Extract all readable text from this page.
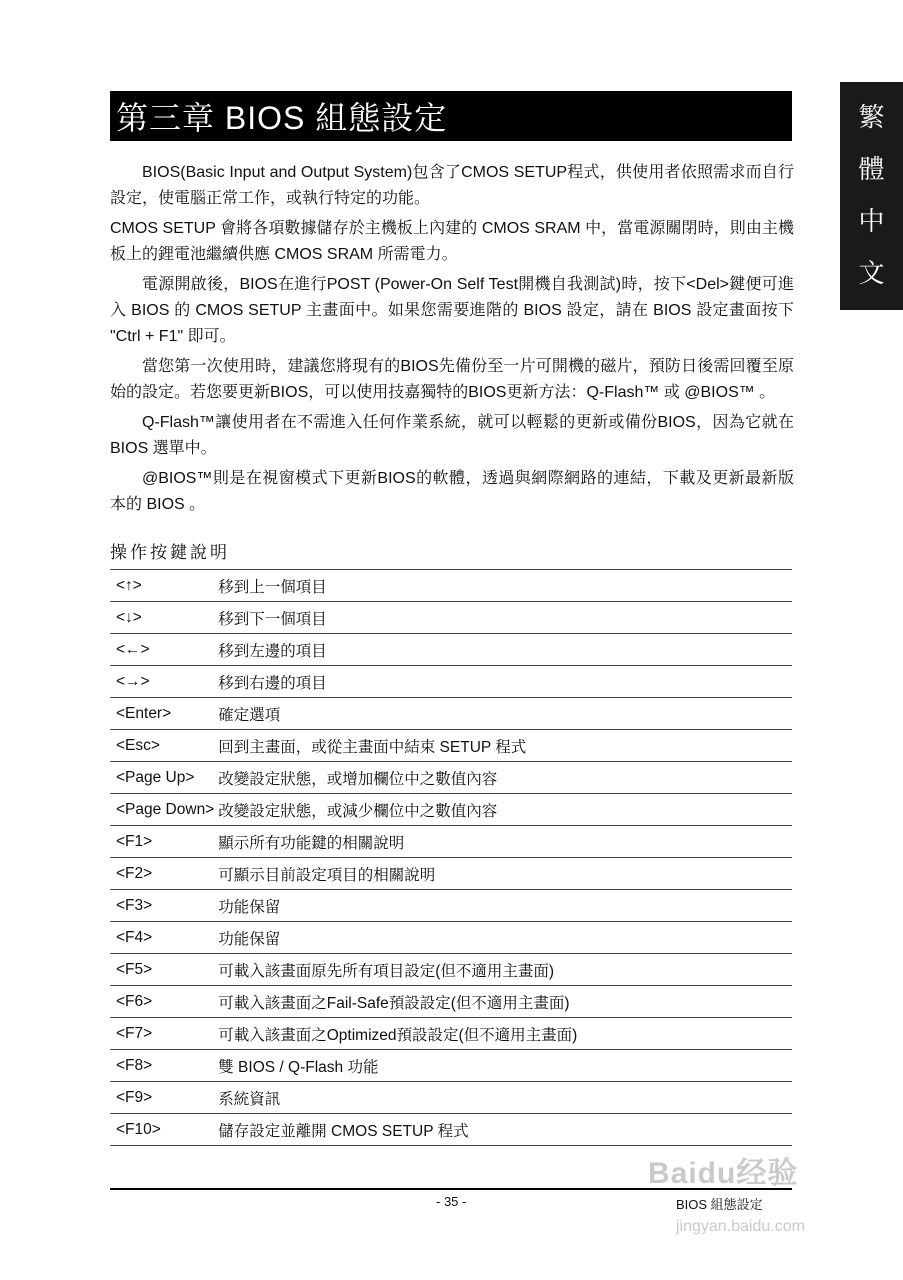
繁
體
中
文
第三章 BIOS 組態設定

BIOS(Basic Input and Output System)包含了CMOS SETUP程式，供使用者依照需求而自行設定，使電腦正常工作，或執行特定的功能。

CMOS SETUP 會將各項數據儲存於主機板上內建的 CMOS SRAM 中，當電源關閉時，則由主機板上的鋰電池繼續供應 CMOS SRAM 所需電力。

電源開啟後，BIOS在進行POST (Power-On Self Test開機自我測試)時，按下<Del>鍵便可進入 BIOS 的 CMOS SETUP 主畫面中。如果您需要進階的 BIOS 設定，請在 BIOS 設定畫面按下 "Ctrl + F1" 即可。

當您第一次使用時，建議您將現有的BIOS先備份至一片可開機的磁片，預防日後需回覆至原始的設定。若您要更新BIOS，可以使用技嘉獨特的BIOS更新方法：Q-Flash™ 或 @BIOS™ 。

Q-Flash™讓使用者在不需進入任何作業系統，就可以輕鬆的更新或備份BIOS，因為它就在 BIOS 選單中。

@BIOS™則是在視窗模式下更新BIOS的軟體，透過與網際網路的連結，下載及更新最新版本的 BIOS 。

操作按鍵說明
<↑>	移到上一個項目
<↓>	移到下一個項目
<←>	移到左邊的項目
<→>	移到右邊的項目
<Enter>	確定選項
<Esc>	回到主畫面，或從主畫面中結束 SETUP 程式
<Page Up>	改變設定狀態，或增加欄位中之數值內容
<Page Down>	改變設定狀態，或減少欄位中之數值內容
<F1>	顯示所有功能鍵的相關說明
<F2>	可顯示目前設定項目的相關說明
<F3>	功能保留
<F4>	功能保留
<F5>	可載入該畫面原先所有項目設定(但不適用主畫面)
<F6>	可載入該畫面之Fail-Safe預設設定(但不適用主畫面)
<F7>	可載入該畫面之Optimized預設設定(但不適用主畫面)
<F8>	雙 BIOS / Q-Flash 功能
<F9>	系統資訊
<F10>	儲存設定並離開 CMOS SETUP 程式
- 35 -	BIOS 組態設定
Baidu经验
jingyan.baidu.com
